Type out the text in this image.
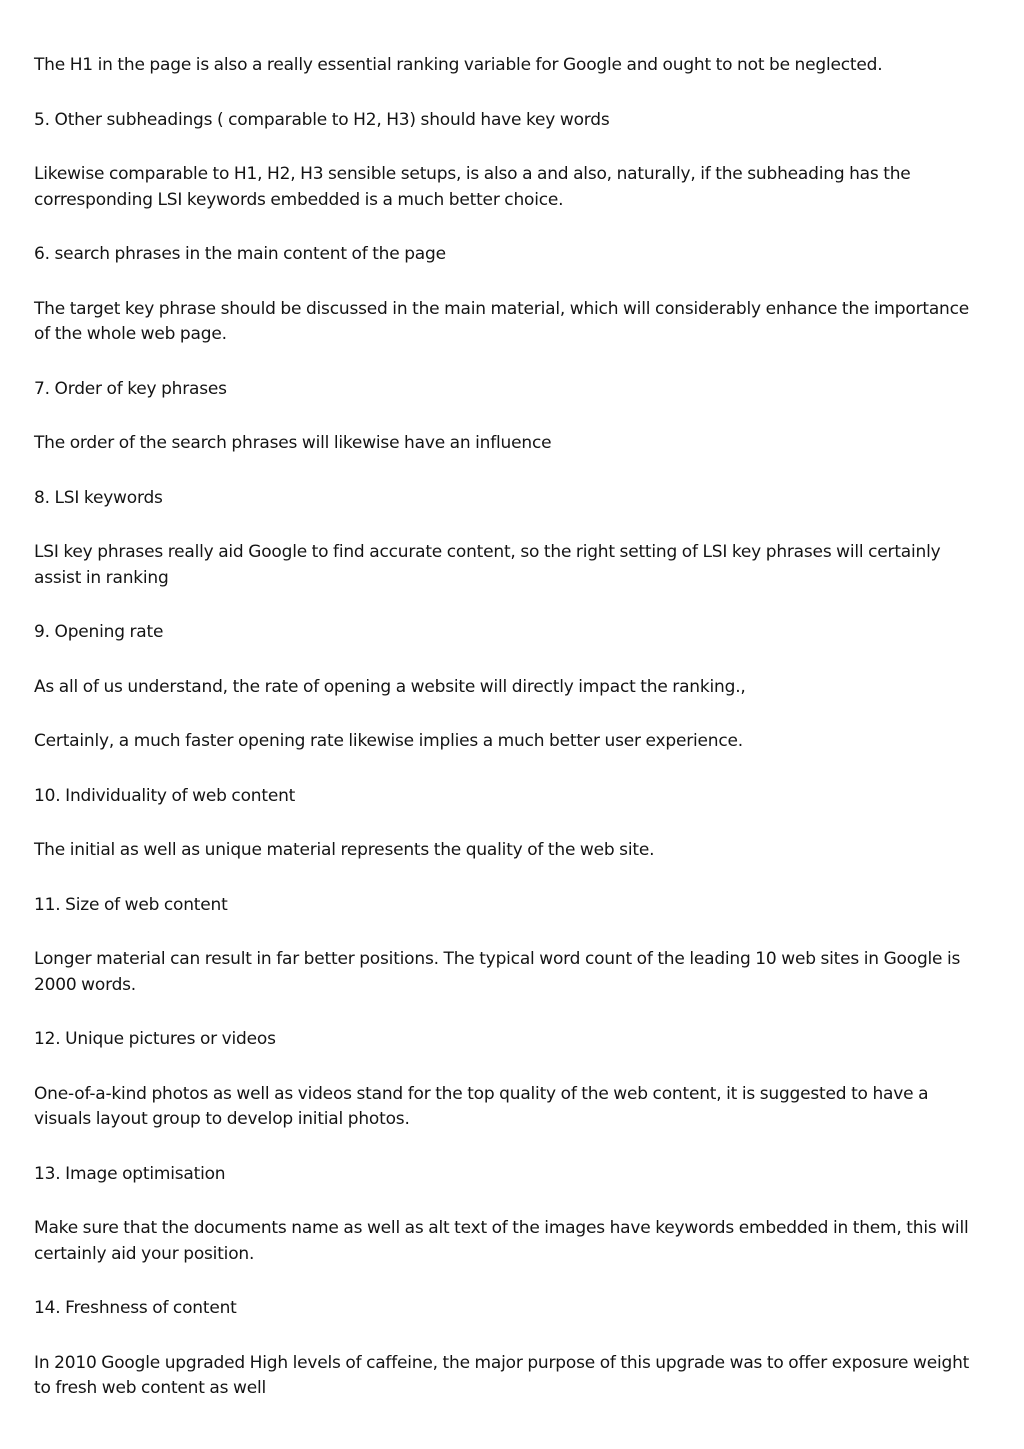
The H1 in the page is also a really essential ranking variable for Google and ought to not be neglected.

5. Other subheadings ( comparable to H2, H3) should have key words

Likewise comparable to H1, H2, H3 sensible setups, is also a and also, naturally, if the subheading has the corresponding LSI keywords embedded is a much better choice.

6. search phrases in the main content of the page

The target key phrase should be discussed in the main material, which will considerably enhance the importance of the whole web page.

7. Order of key phrases

The order of the search phrases will likewise have an influence

8. LSI keywords

LSI key phrases really aid Google to find accurate content, so the right setting of LSI key phrases will certainly assist in ranking

9. Opening rate

As all of us understand, the rate of opening a website will directly impact the ranking.,

Certainly, a much faster opening rate likewise implies a much better user experience.

10. Individuality of web content

The initial as well as unique material represents the quality of the web site.

11. Size of web content

Longer material can result in far better positions. The typical word count of the leading 10 web sites in Google is 2000 words.

12. Unique pictures or videos

One-of-a-kind photos as well as videos stand for the top quality of the web content, it is suggested to have a visuals layout group to develop initial photos.

13. Image optimisation

Make sure that the documents name as well as alt text of the images have keywords embedded in them, this will certainly aid your position.

14. Freshness of content

In 2010 Google upgraded High levels of caffeine, the major purpose of this upgrade was to offer exposure weight to fresh web content as well
